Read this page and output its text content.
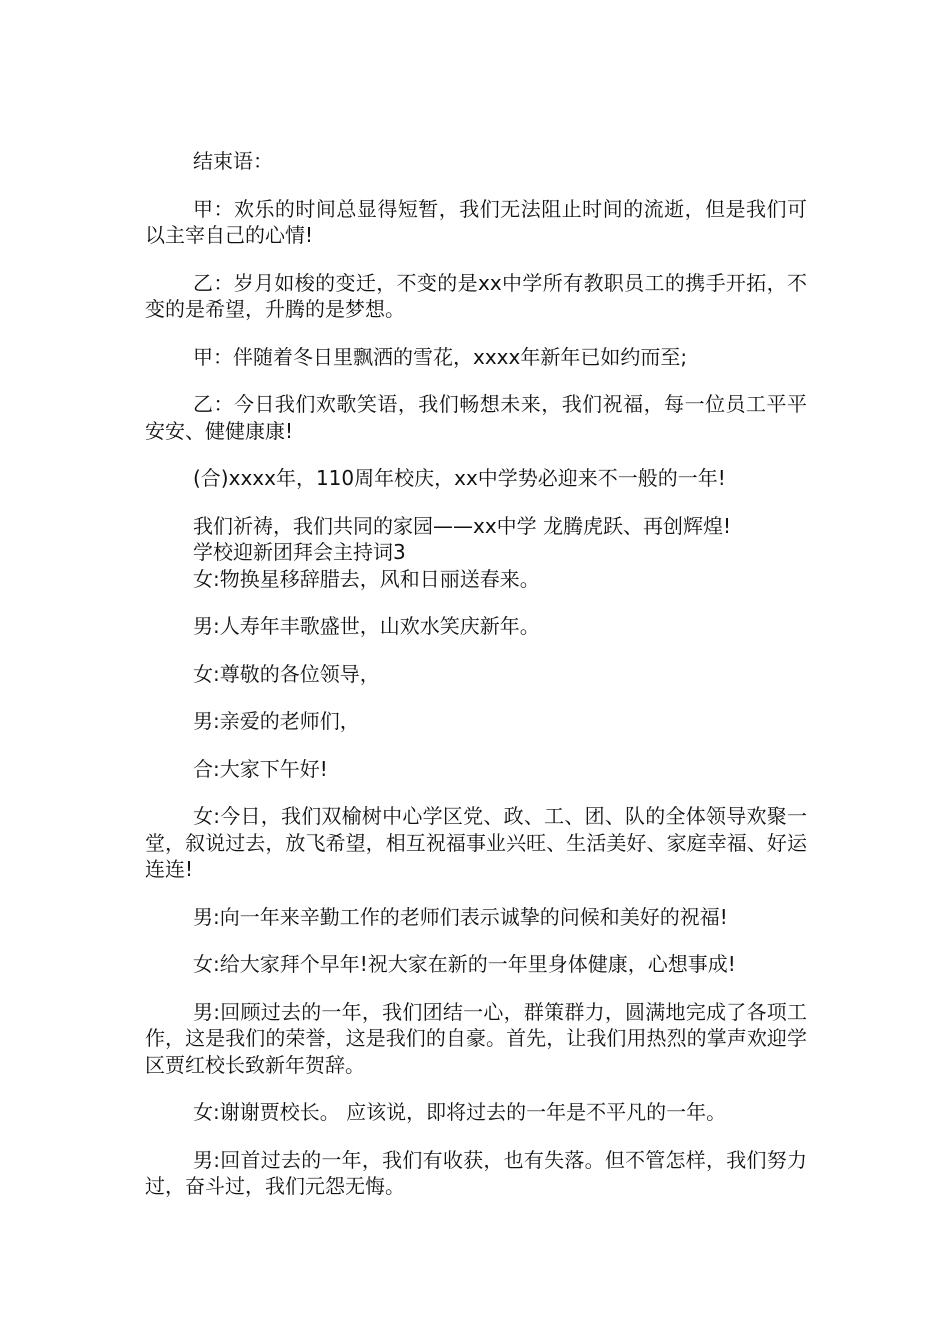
结束语：

甲：欢乐的时间总显得短暂，我们无法阻止时间的流逝，但是我们可以主宰自己的心情!

乙：岁月如梭的变迁，不变的是xx中学所有教职员工的携手开拓，不变的是希望，升腾的是梦想。

甲：伴随着冬日里飘洒的雪花，xxxx年新年已如约而至;

乙：今日我们欢歌笑语，我们畅想未来，我们祝福，每一位员工平平安安、健健康康!

(合)xxxx年，110周年校庆，xx中学势必迎来不一般的一年!

我们祈祷，我们共同的家园——xx中学 龙腾虎跃、再创辉煌!

学校迎新团拜会主持词3

女:物换星移辞腊去，风和日丽送春来。

男:人寿年丰歌盛世，山欢水笑庆新年。

女:尊敬的各位领导，

男:亲爱的老师们，

合:大家下午好!

女:今日，我们双榆树中心学区党、政、工、团、队的全体领导欢聚一堂，叙说过去，放飞希望，相互祝福事业兴旺、生活美好、家庭幸福、好运连连!

男:向一年来辛勤工作的老师们表示诚挚的问候和美好的祝福!

女:给大家拜个早年!祝大家在新的一年里身体健康，心想事成!

男:回顾过去的一年，我们团结一心，群策群力，圆满地完成了各项工作，这是我们的荣誉，这是我们的自豪。首先，让我们用热烈的掌声欢迎学区贾红校长致新年贺辞。

女:谢谢贾校长。 应该说，即将过去的一年是不平凡的一年。

男:回首过去的一年，我们有收获，也有失落。但不管怎样，我们努力过，奋斗过，我们元怨无悔。
